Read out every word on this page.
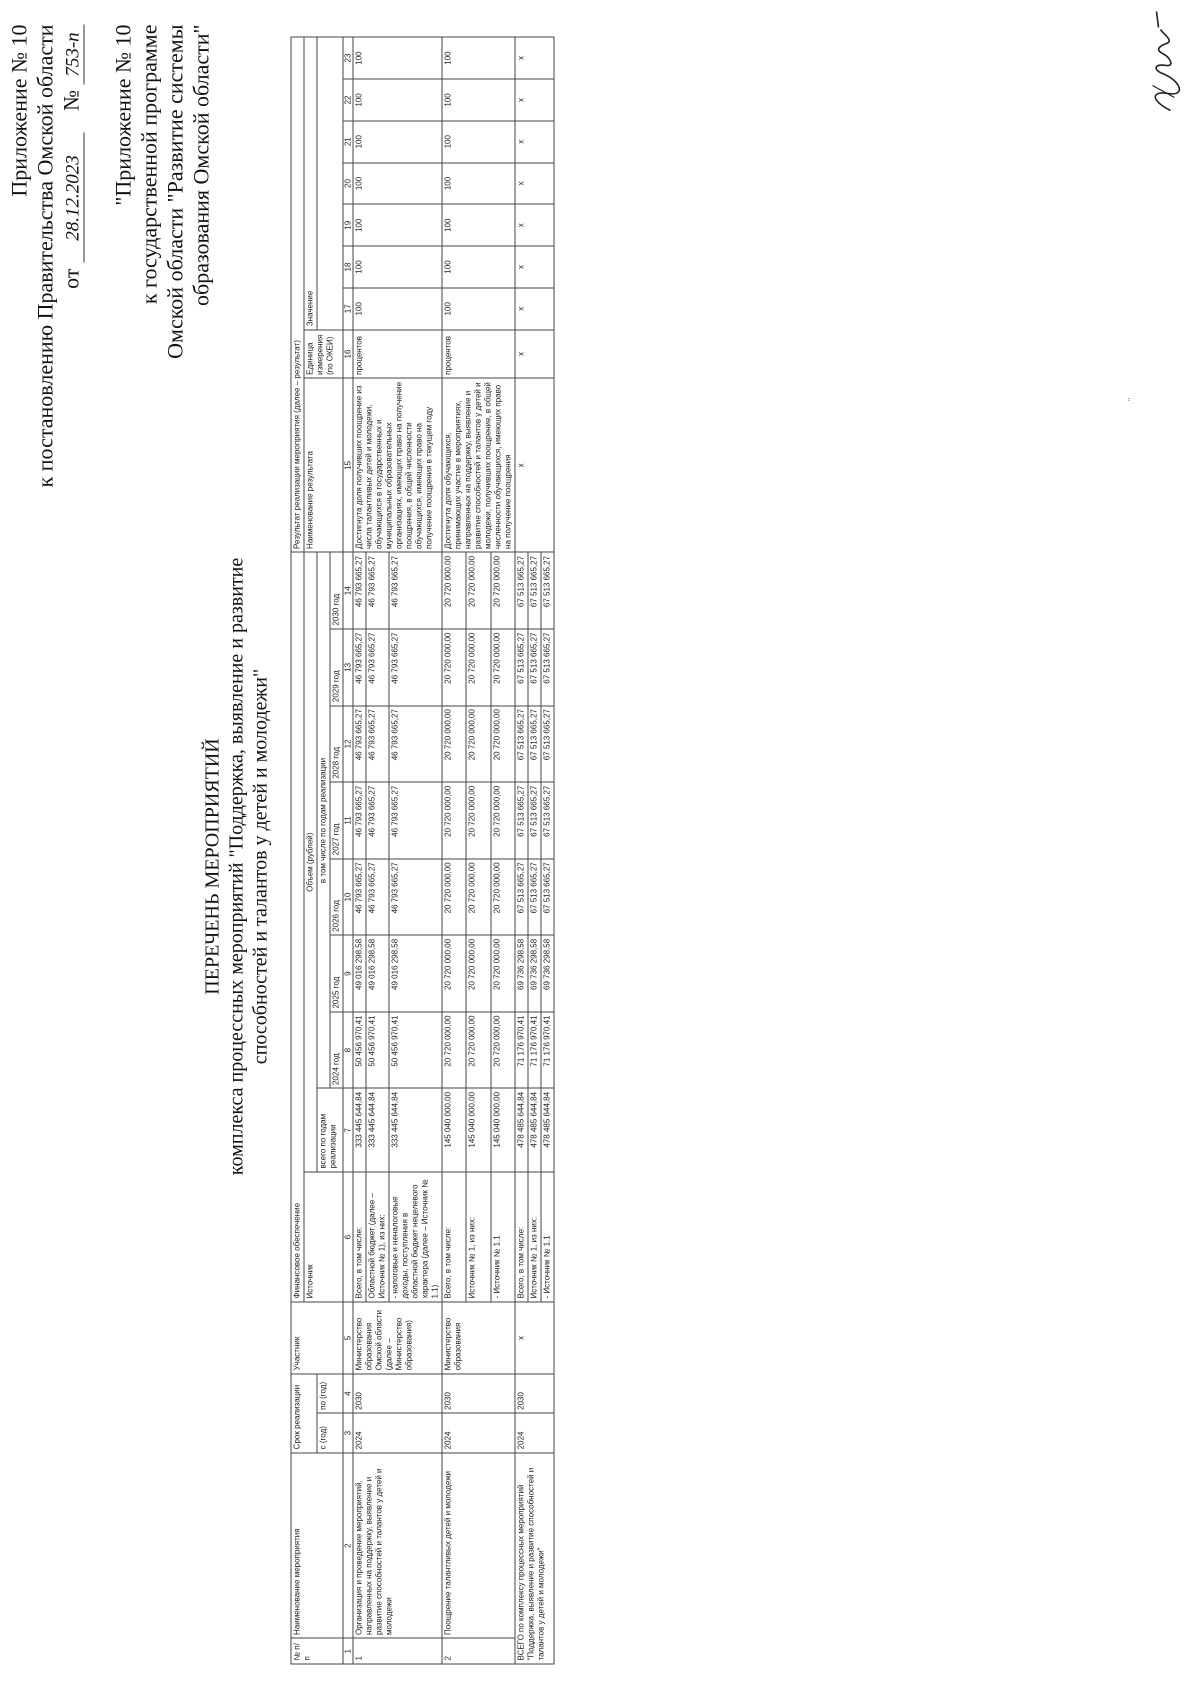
Приложение № 10 к постановлению Правительства Омской области от 28.12.2023    № 753-п "Приложение № 10 к государственной программе Омской области "Развитие системы образования Омской области"
ПЕРЕЧЕНЬ МЕРОПРИЯТИЙ комплекса процессных мероприятий "Поддержка, выявление и развитие способностей и талантов у детей и молодежи"
№ п/п	Наименование мероприятия	Срок реализации		Участник	Финансовое обеспечение									Результат реализации мероприятия (далее – результат)								
					Источник	Объем (рублей)								Наименование результата	Единица измерения (по ОКЕИ)	Значение						
		с (год)	по (год)			всего по годам реализации	в том числе по годам реализации															
							2024 год	2025 год	2026 год	2027 год	2028 год	2029 год	2030 год									
1	2	3	4	5	6	7	8	9	10	11	12	13	14	15	16	17	18	19	20	21	22	23
1	Организация и проведение мероприятий, направленных на поддержку, выявление и развитие способностей и талантов у детей и молодежи	2024	2030	Министерство образования Омской области (далее – Министерство образования)	Всего, в том числе:	333 445 644,84	50 456 970,41	49 016 298,58	46 793 665,27	46 793 665,27	46 793 665,27	46 793 665,27	46 793 665,27	Достигнута доля получивших поощрение из числа талантливых детей и молодежи, обучающихся в государственных и муниципальных образовательных организациях, имеющих право на получение поощрения, в общей численности обучающихся, имеющих право на получение поощрения в текущем году	процентов	100	100	100	100	100	100	100
					Областной бюджет (далее – Источник № 1), из них:	333 445 644,84	50 456 970,41	49 016 298,58	46 793 665,27	46 793 665,27	46 793 665,27	46 793 665,27	46 793 665,27									
					- налоговые и неналоговые доходы, поступления в областной бюджет нецелевого характера (далее – Источник № 1.1)	333 445 644,84	50 456 970,41	49 016 298,58	46 793 665,27	46 793 665,27	46 793 665,27	46 793 665,27	46 793 665,27									
2	Поощрение талантливых детей и молодежи	2024	2030	Министерство образования	Всего, в том числе:	145 040 000,00	20 720 000,00	20 720 000,00	20 720 000,00	20 720 000,00	20 720 000,00	20 720 000,00	20 720 000,00	Достигнута доля обучающихся, принимающих участие в мероприятиях, направленных на поддержку, выявление и развитие способностей и талантов у детей и молодежи, получивших поощрение, в общей численности обучающихся, имеющих право на получение поощрения	процентов	100	100	100	100	100	100	100
					Источник № 1, из них:	145 040 000,00	20 720 000,00	20 720 000,00	20 720 000,00	20 720 000,00	20 720 000,00	20 720 000,00	20 720 000,00									
					- Источник № 1.1	145 040 000,00	20 720 000,00	20 720 000,00	20 720 000,00	20 720 000,00	20 720 000,00	20 720 000,00	20 720 000,00									
ВСЕГО по комплексу процессных мероприятий "Поддержка, выявление и развитие способностей и талантов у детей и молодежи"		2024	2030	х	Всего, в том числе:	478 485 644,84	71 176 970,41	69 736 298,58	67 513 665,27	67 513 665,27	67 513 665,27	67 513 665,27	67 513 665,27	х	х	х	х	х	х	х	х	х
					Источник № 1, из них:	478 485 644,84	71 176 970,41	69 736 298,58	67 513 665,27	67 513 665,27	67 513 665,27	67 513 665,27	67 513 665,27									
					- Источник № 1.1	478 485 644,84	71 176 970,41	69 736 298,58	67 513 665,27	67 513 665,27	67 513 665,27	67 513 665,27	67 513 665,27									
"
